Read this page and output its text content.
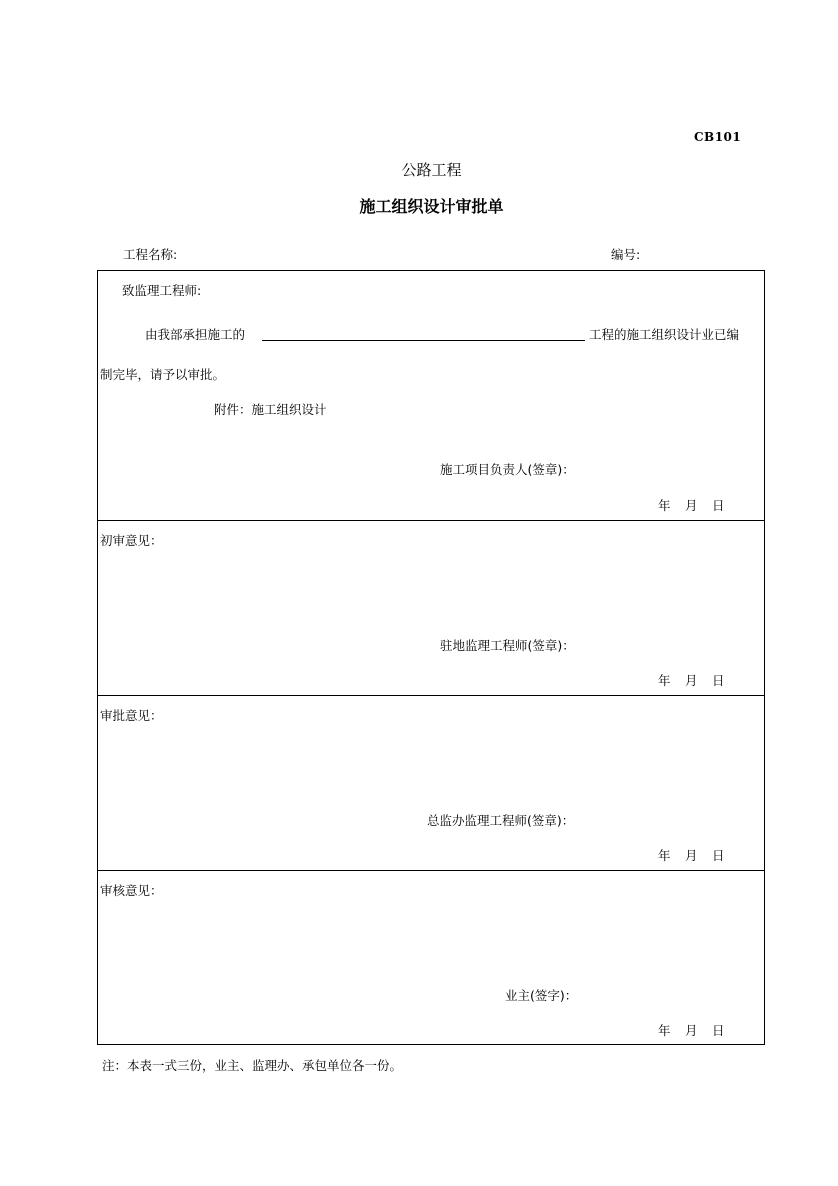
CB101
公路工程
施工组织设计审批单
工程名称:	编号:
致监理工程师:
由我部承担施工的	工程的施工组织设计业已编
制完毕，请予以审批。
附件：施工组织设计
施工项目负责人(签章)：
年 月 日
初审意见：
驻地监理工程师(签章)：
年 月 日
审批意见：
总监办监理工程师(签章)：
年 月 日
审核意见：
业主(签字)：
年 月 日
注：本表一式三份，业主、监理办、承包单位各一份。
